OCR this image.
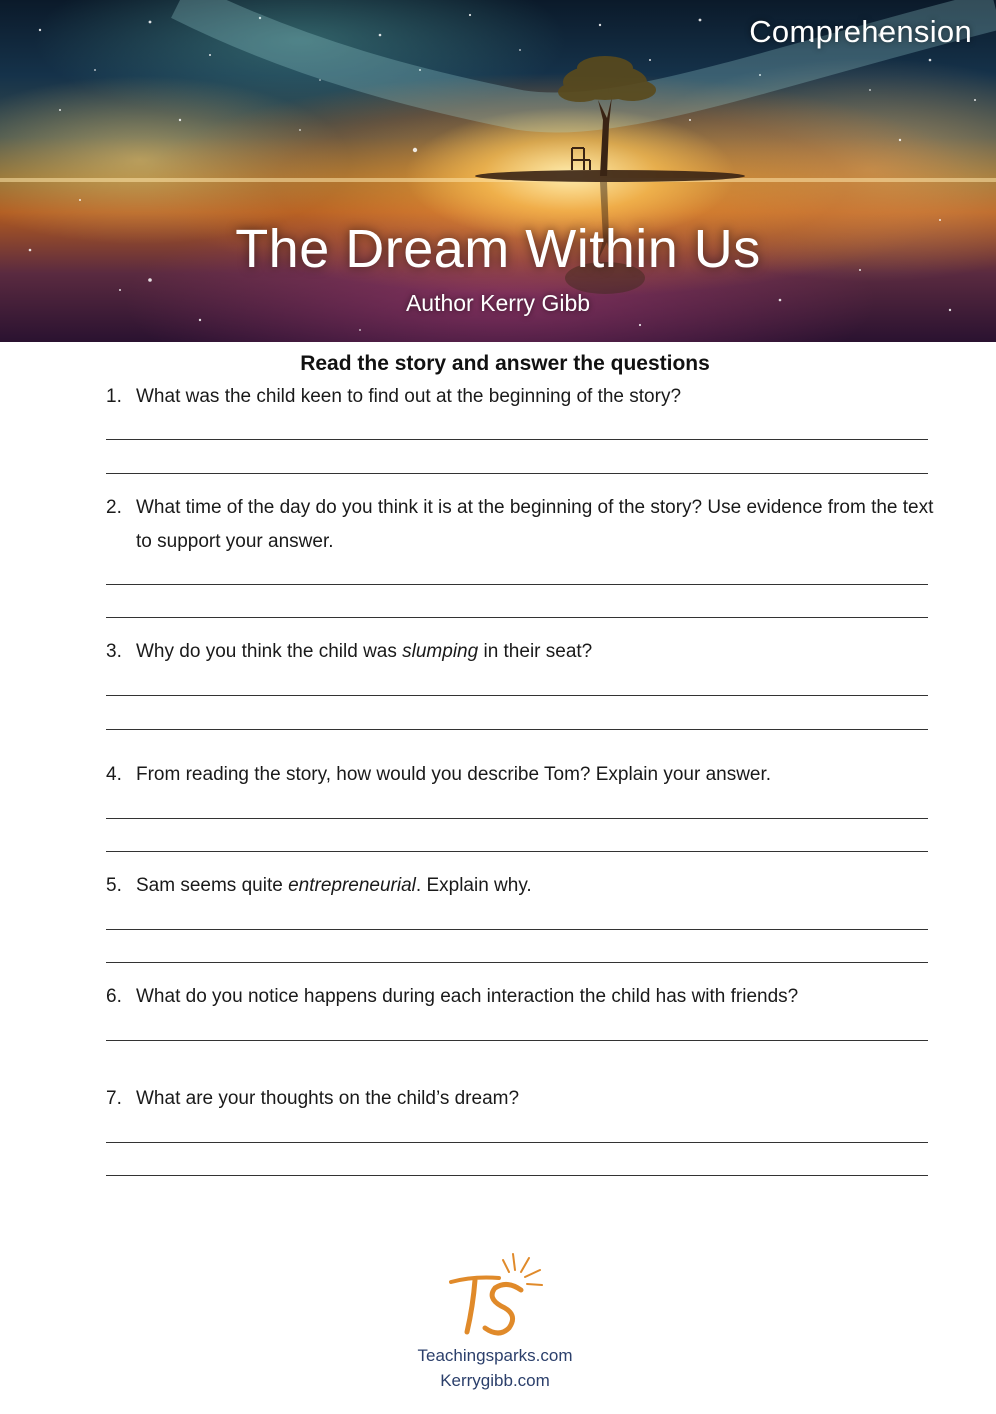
Comprehension
The Dream Within Us
Author Kerry Gibb
Read the story and answer the questions
1. What was the child keen to find out at the beginning of the story?
2. What time of the day do you think it is at the beginning of the story? Use evidence from the text to support your answer.
3. Why do you think the child was slumping in their seat?
4. From reading the story, how would you describe Tom? Explain your answer.
5. Sam seems quite entrepreneurial. Explain why.
6. What do you notice happens during each interaction the child has with friends?
7. What are your thoughts on the child’s dream?
Teachingsparks.com
Kerrygibb.com
